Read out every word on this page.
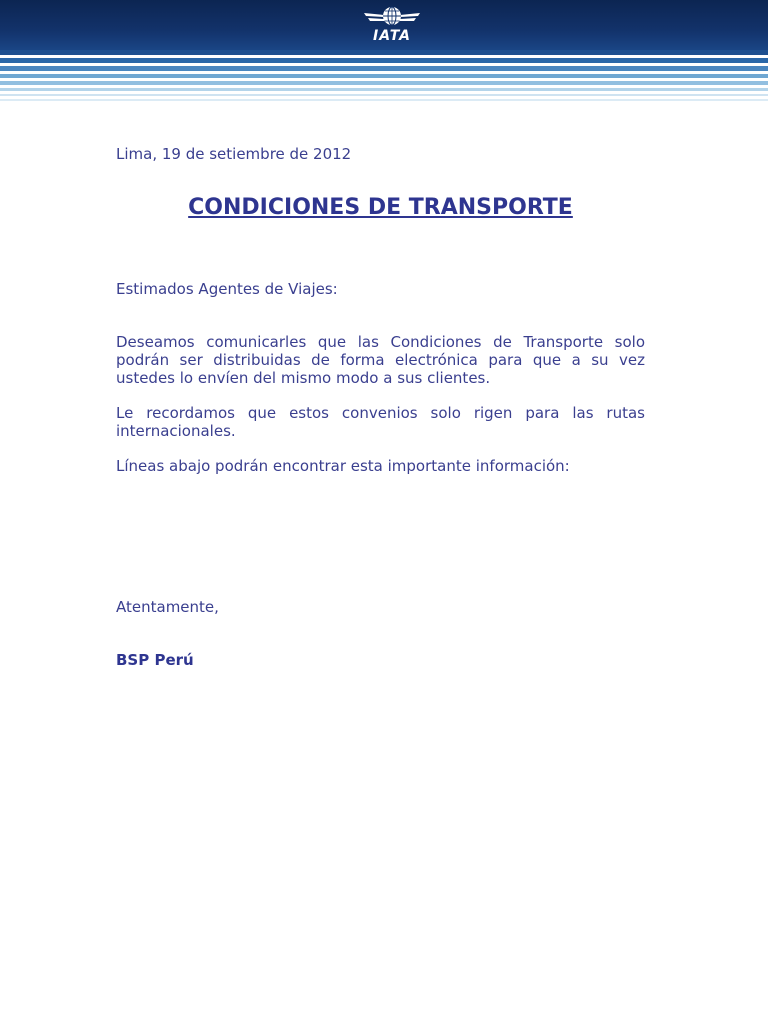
IATA
Lima, 19 de setiembre de 2012
CONDICIONES DE TRANSPORTE
Estimados Agentes de Viajes:
Deseamos comunicarles que las Condiciones de Transporte solo podrán ser distribuidas de forma electrónica para que a su vez ustedes lo envíen del mismo modo a sus clientes.
Le recordamos que estos convenios solo rigen para las rutas internacionales.
Líneas abajo podrán encontrar esta importante información:
Atentamente,
BSP Perú
